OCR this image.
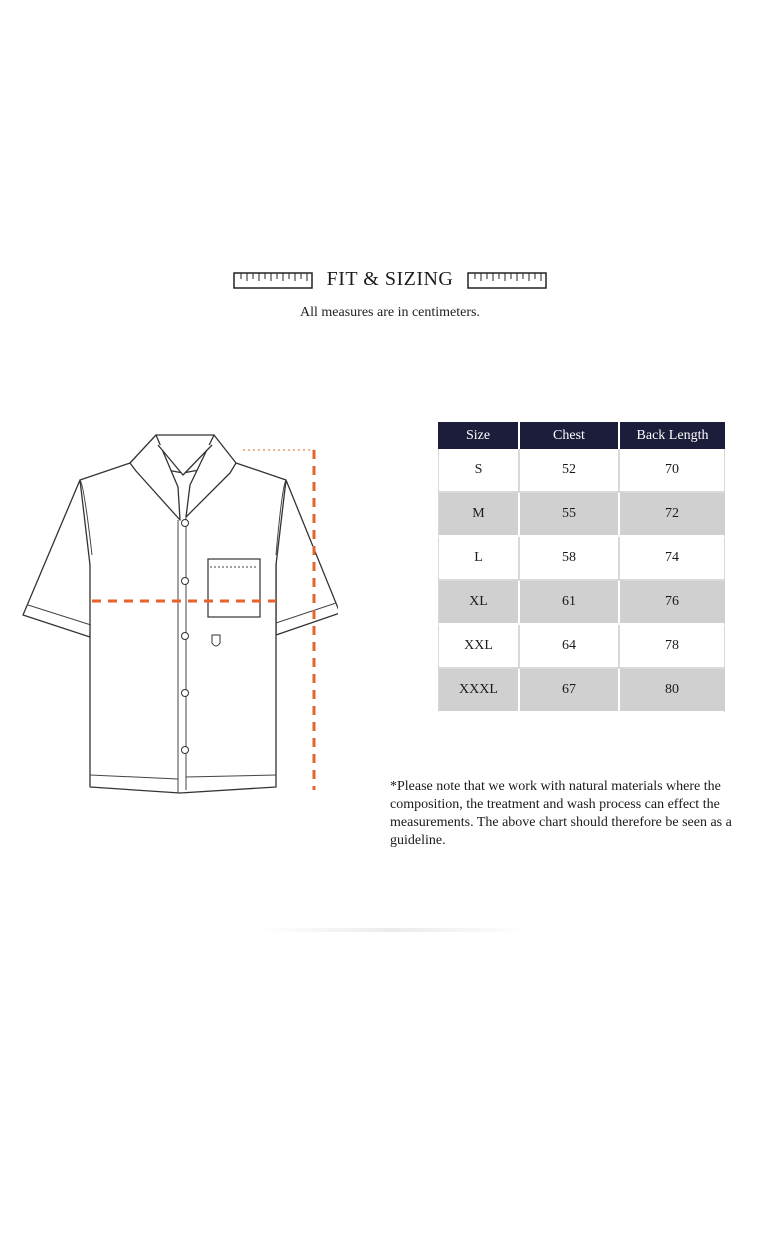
FIT & SIZING
All measures are in centimeters.
Size	Chest	Back Length
S	52	70
M	55	72
L	58	74
XL	61	76
XXL	64	78
XXXL	67	80

*Please note that we work with natural materials where the composition, the treatment and wash process can effect the measurements. The above chart should therefore be seen as a guideline.
